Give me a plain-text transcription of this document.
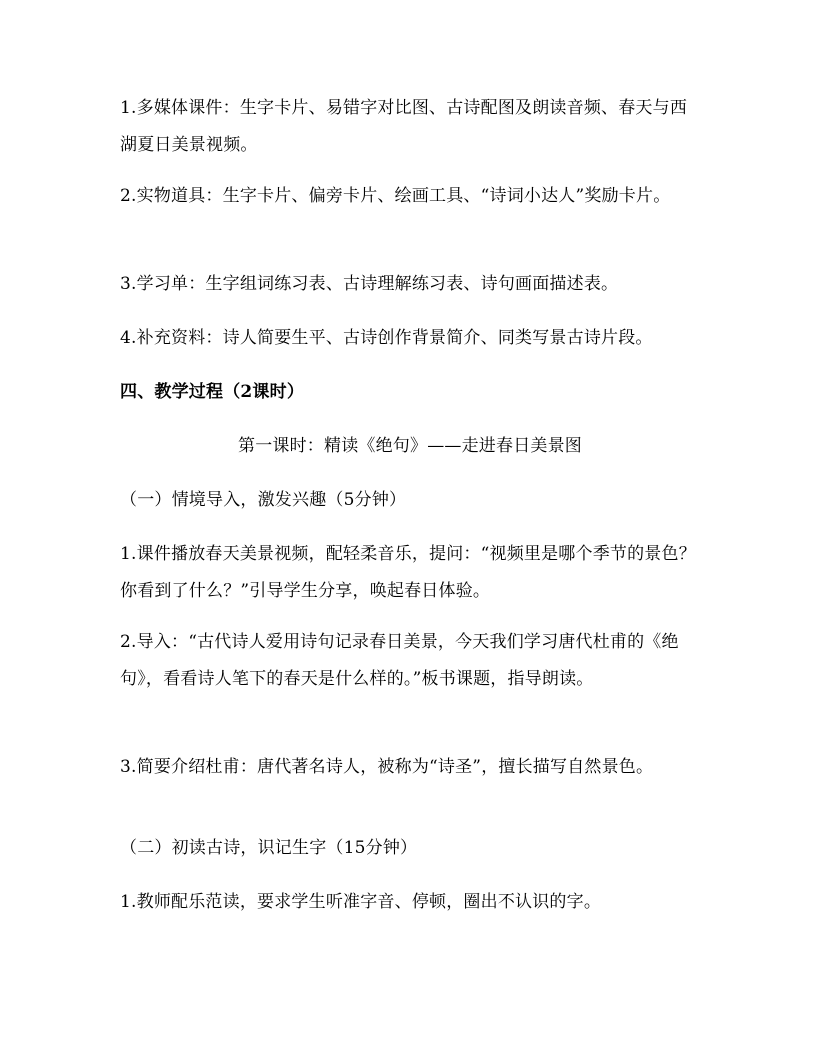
1.多媒体课件：生字卡片、易错字对比图、古诗配图及朗读音频、春天与西湖夏日美景视频。

2.实物道具：生字卡片、偏旁卡片、绘画工具、“诗词小达人”奖励卡片。

3.学习单：生字组词练习表、古诗理解练习表、诗句画面描述表。

4.补充资料：诗人简要生平、古诗创作背景简介、同类写景古诗片段。

四、教学过程（2课时）

第一课时：精读《绝句》——走进春日美景图

（一）情境导入，激发兴趣（5分钟）

1.课件播放春天美景视频，配轻柔音乐，提问：“视频里是哪个季节的景色？你看到了什么？”引导学生分享，唤起春日体验。

2.导入：“古代诗人爱用诗句记录春日美景，今天我们学习唐代杜甫的《绝句》，看看诗人笔下的春天是什么样的。”板书课题，指导朗读。

3.简要介绍杜甫：唐代著名诗人，被称为“诗圣”，擅长描写自然景色。

（二）初读古诗，识记生字（15分钟）

1.教师配乐范读，要求学生听准字音、停顿，圈出不认识的字。
